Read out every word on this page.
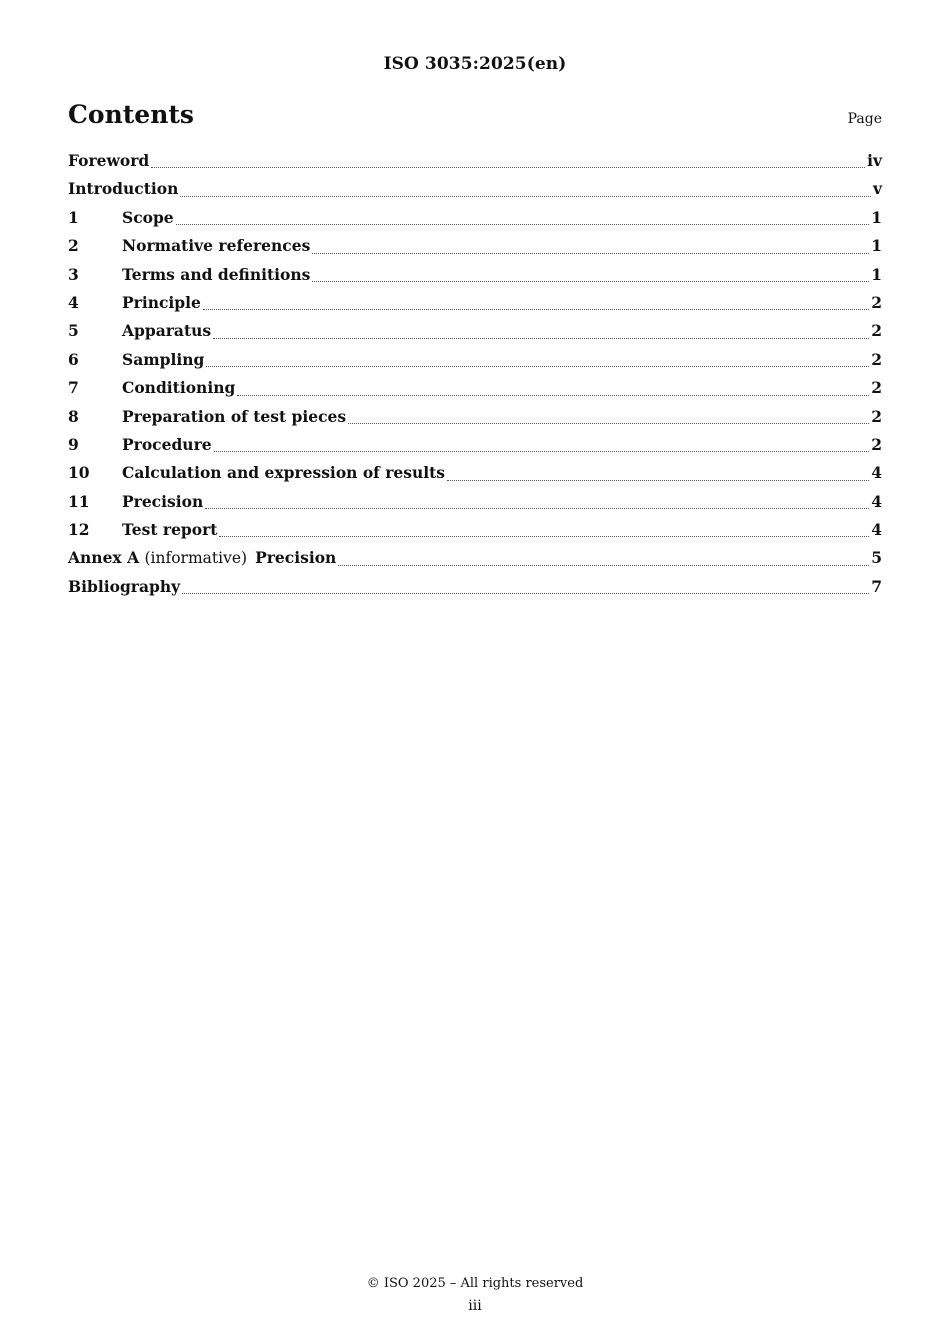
ISO 3035:2025(en)
Contents	Page
Foreword	iv
Introduction	v
1	Scope	1
2	Normative references	1
3	Terms and definitions	1
4	Principle	2
5	Apparatus	2
6	Sampling	2
7	Conditioning	2
8	Preparation of test pieces	2
9	Procedure	2
10	Calculation and expression of results	4
11	Precision	4
12	Test report	4
Annex A (informative) Precision	5
Bibliography	7
© ISO 2025 – All rights reserved
iii
